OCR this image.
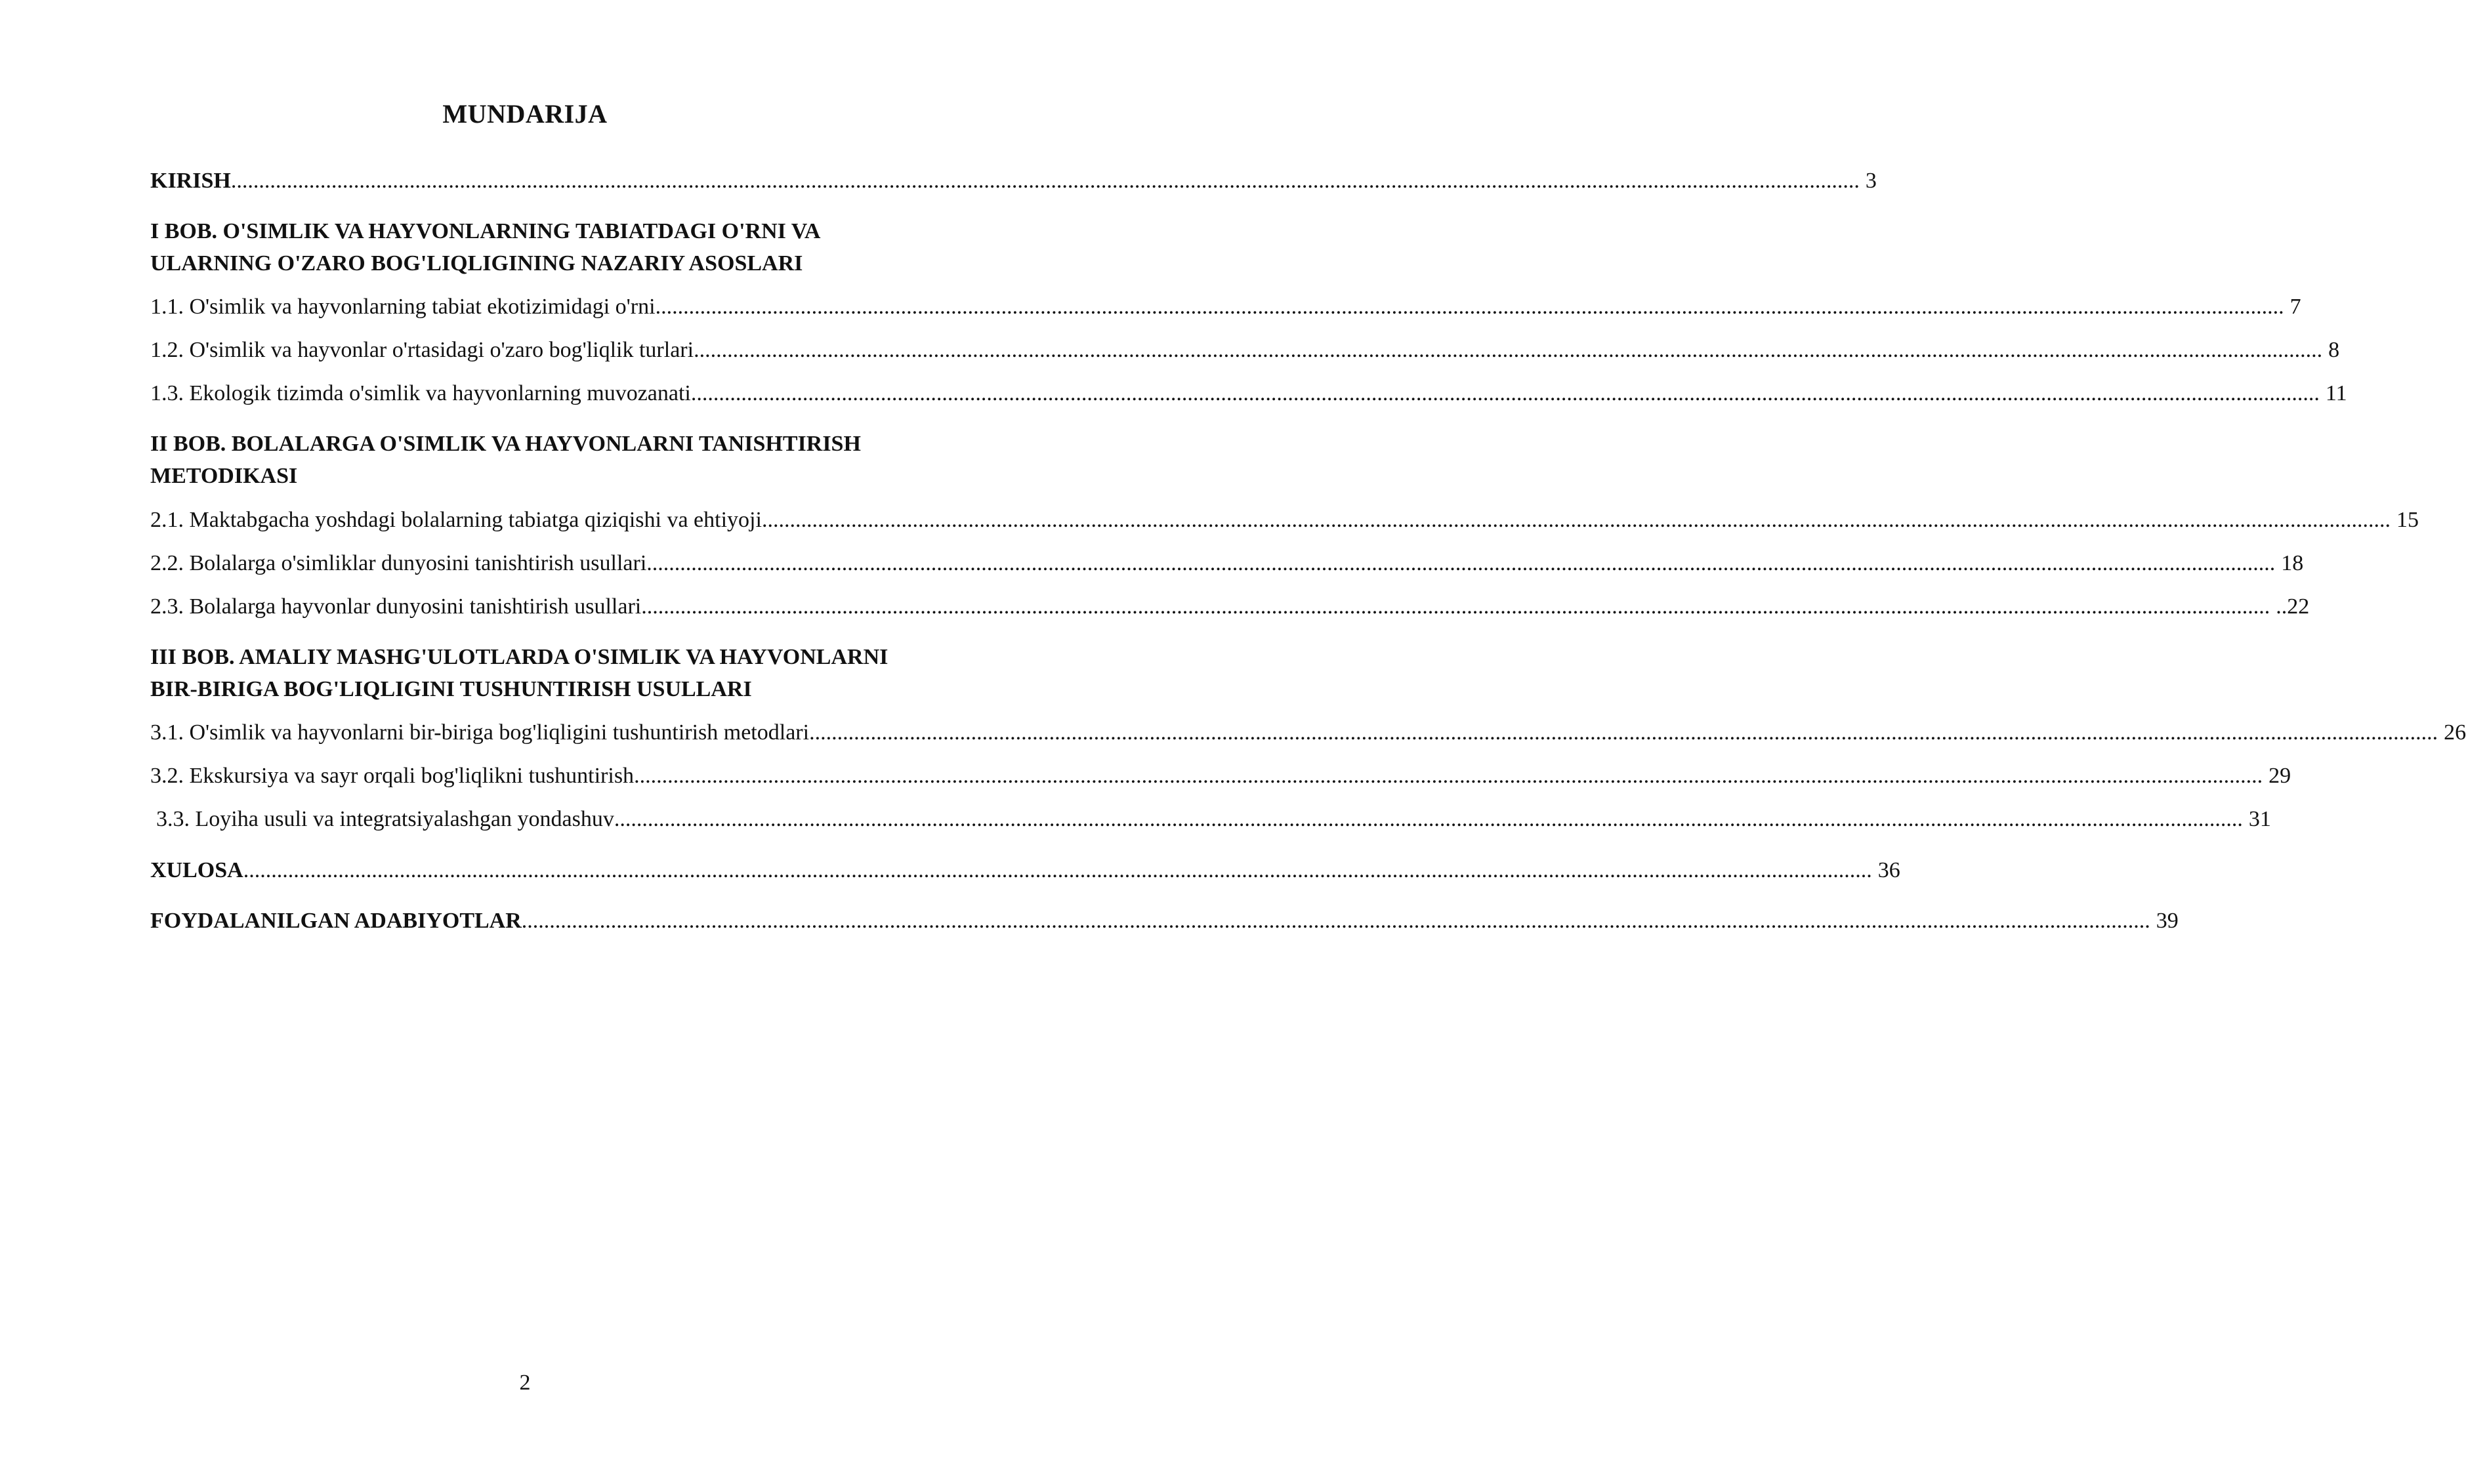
MUNDARIJA
KIRISH .................................................................................................................................................................................................................................................................................................... 3
I BOB. O'SIMLIK VA HAYVONLARNING TABIATDAGI O'RNI VA
ULARNING O'ZARO BOG'LIQLIGINING NAZARIY ASOSLARI
1.1. O'simlik va hayvonlarning tabiat ekotizimidagi o'rni .................................................................................................................................................................................................................................................................................................... 7
1.2. O'simlik va hayvonlar o'rtasidagi o'zaro bog'liqlik turlari .................................................................................................................................................................................................................................................................................................... 8
1.3. Ekologik tizimda o'simlik va hayvonlarning muvozanati .................................................................................................................................................................................................................................................................................................... 11
II BOB. BOLALARGA O'SIMLIK VA HAYVONLARNI TANISHTIRISH
METODIKASI
2.1. Maktabgacha yoshdagi bolalarning tabiatga qiziqishi va ehtiyoji .................................................................................................................................................................................................................................................................................................... 15
2.2. Bolalarga o'simliklar dunyosini tanishtirish usullari .................................................................................................................................................................................................................................................................................................... 18
2.3. Bolalarga hayvonlar dunyosini tanishtirish usullari .................................................................................................................................................................................................................................................................................................... ..22
III BOB. AMALIY MASHG'ULOTLARDA O'SIMLIK VA HAYVONLARNI
BIR-BIRIGA BOG'LIQLIGINI TUSHUNTIRISH USULLARI
3.1. O'simlik va hayvonlarni bir-biriga bog'liqligini tushuntirish metodlari .................................................................................................................................................................................................................................................................................................... 26
3.2. Ekskursiya va sayr orqali bog'liqlikni tushuntirish .................................................................................................................................................................................................................................................................................................... 29
3.3. Loyiha usuli va integratsiyalashgan yondashuv .................................................................................................................................................................................................................................................................................................... 31
XULOSA .................................................................................................................................................................................................................................................................................................... 36
FOYDALANILGAN ADABIYOTLAR .................................................................................................................................................................................................................................................................................................... 39
2
